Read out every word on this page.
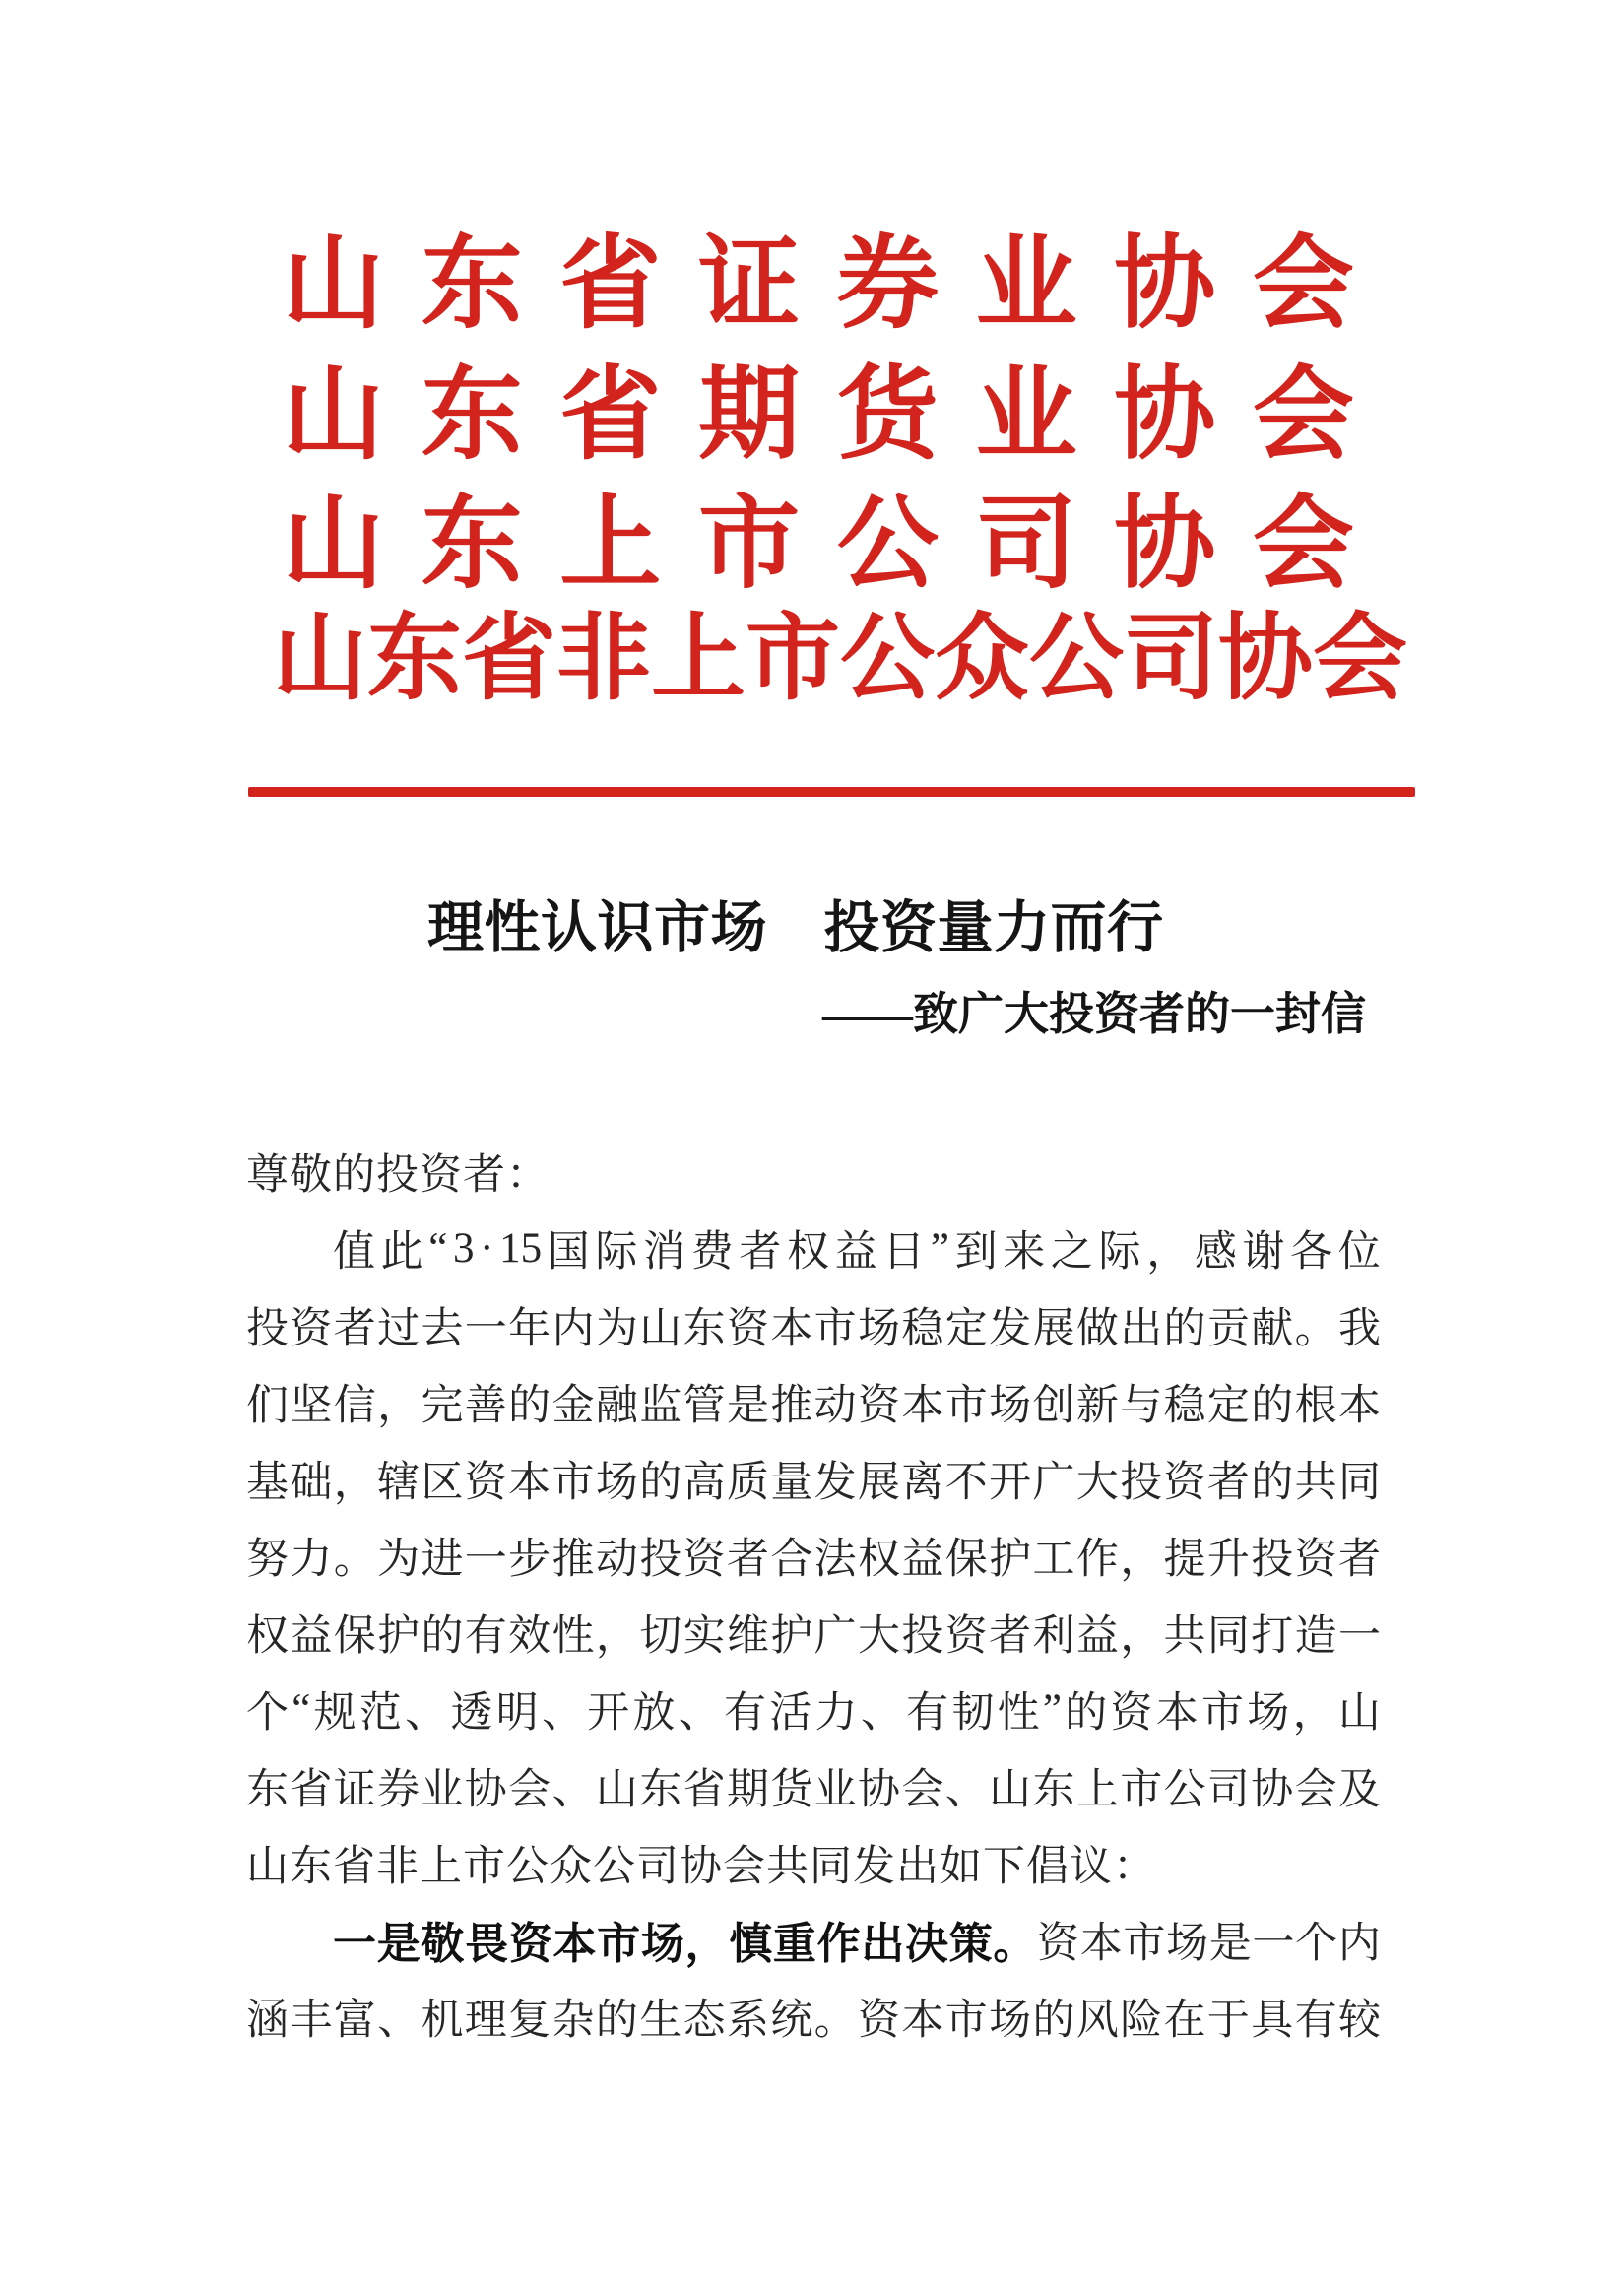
山 东 省 证 券 业 协 会
山 东 省 期 货 业 协 会
山 东 上 市 公 司 协 会
山 东 省 非 上 市 公 众 公 司 协 会
理性认识市场　投资量力而行
——致广大投资者的一封信
尊敬的投资者：
值 此 “ 3 · 15 国 际 消 费 者 权 益 日 ” 到 来 之 际 ， 感 谢 各 位
投 资 者 过 去 一 年 内 为 山 东 资 本 市 场 稳 定 发 展 做 出 的 贡 献 。 我
们 坚 信 ， 完 善 的 金 融 监 管 是 推 动 资 本 市 场 创 新 与 稳 定 的 根 本
基 础 ， 辖 区 资 本 市 场 的 高 质 量 发 展 离 不 开 广 大 投 资 者 的 共 同
努 力 。 为 进 一 步 推 动 投 资 者 合 法 权 益 保 护 工 作 ， 提 升 投 资 者
权 益 保 护 的 有 效 性 ， 切 实 维 护 广 大 投 资 者 利 益 ， 共 同 打 造 一
个 “ 规 范 、 透 明 、 开 放 、 有 活 力 、 有 韧 性 ” 的 资 本 市 场 ， 山
东 省 证 券 业 协 会 、 山 东 省 期 货 业 协 会 、 山 东 上 市 公 司 协 会 及
山东省非上市公众公司协会共同发出如下倡议：
一 是 敬 畏 资 本 市 场 ， 慎 重 作 出 决 策 。 资 本 市 场 是 一 个 内
涵 丰 富 、 机 理 复 杂 的 生 态 系 统 。 资 本 市 场 的 风 险 在 于 具 有 较
